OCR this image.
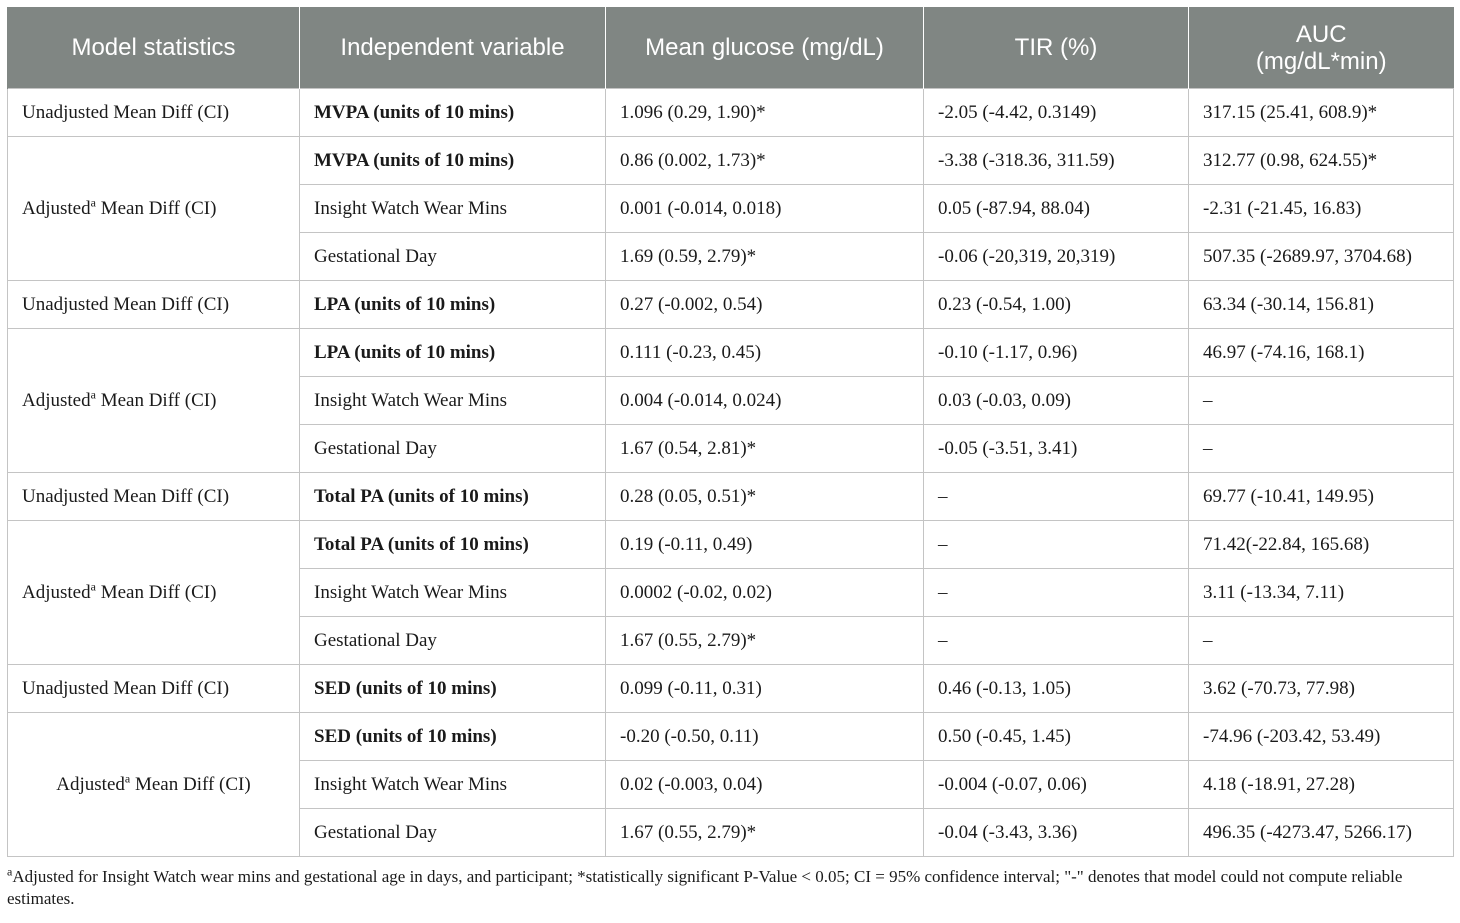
Model statistics	Independent variable	Mean glucose (mg/dL)	TIR (%)	AUC
(mg/dL*min)
Unadjusted Mean Diff (CI)	MVPA (units of 10 mins)	1.096 (0.29, 1.90)*	-2.05 (-4.42, 0.3149)	317.15 (25.41, 608.9)*
Adjusted$^a$ Mean Diff (CI)	MVPA (units of 10 mins)	0.86 (0.002, 1.73)*	-3.38 (-318.36, 311.59)	312.77 (0.98, 624.55)*
	Insight Watch Wear Mins	0.001 (-0.014, 0.018)	0.05 (-87.94, 88.04)	-2.31 (-21.45, 16.83)
	Gestational Day	1.69 (0.59, 2.79)*	-0.06 (-20,319, 20,319)	507.35 (-2689.97, 3704.68)
Unadjusted Mean Diff (CI)	LPA (units of 10 mins)	0.27 (-0.002, 0.54)	0.23 (-0.54, 1.00)	63.34 (-30.14, 156.81)
Adjusted$^a$ Mean Diff (CI)	LPA (units of 10 mins)	0.111 (-0.23, 0.45)	-0.10 (-1.17, 0.96)	46.97 (-74.16, 168.1)
	Insight Watch Wear Mins	0.004 (-0.014, 0.024)	0.03 (-0.03, 0.09)	–
	Gestational Day	1.67 (0.54, 2.81)*	-0.05 (-3.51, 3.41)	–
Unadjusted Mean Diff (CI)	Total PA (units of 10 mins)	0.28 (0.05, 0.51)*	–	69.77 (-10.41, 149.95)
Adjusted$^a$ Mean Diff (CI)	Total PA (units of 10 mins)	0.19 (-0.11, 0.49)	–	71.42(-22.84, 165.68)
	Insight Watch Wear Mins	0.0002 (-0.02, 0.02)	–	3.11 (-13.34, 7.11)
	Gestational Day	1.67 (0.55, 2.79)*	–	–
Unadjusted Mean Diff (CI)	SED (units of 10 mins)	0.099 (-0.11, 0.31)	0.46 (-0.13, 1.05)	3.62 (-70.73, 77.98)
Adjusted$^a$ Mean Diff (CI)	SED (units of 10 mins)	-0.20 (-0.50, 0.11)	0.50 (-0.45, 1.45)	-74.96 (-203.42, 53.49)
	Insight Watch Wear Mins	0.02 (-0.003, 0.04)	-0.004 (-0.07, 0.06)	4.18 (-18.91, 27.28)
	Gestational Day	1.67 (0.55, 2.79)*	-0.04 (-3.43, 3.36)	496.35 (-4273.47, 5266.17)
$^a$Adjusted for Insight Watch wear mins and gestational age in days, and participant; *statistically significant P-Value < 0.05; CI = 95% confidence interval; "-" denotes that model could not compute reliable estimates.
